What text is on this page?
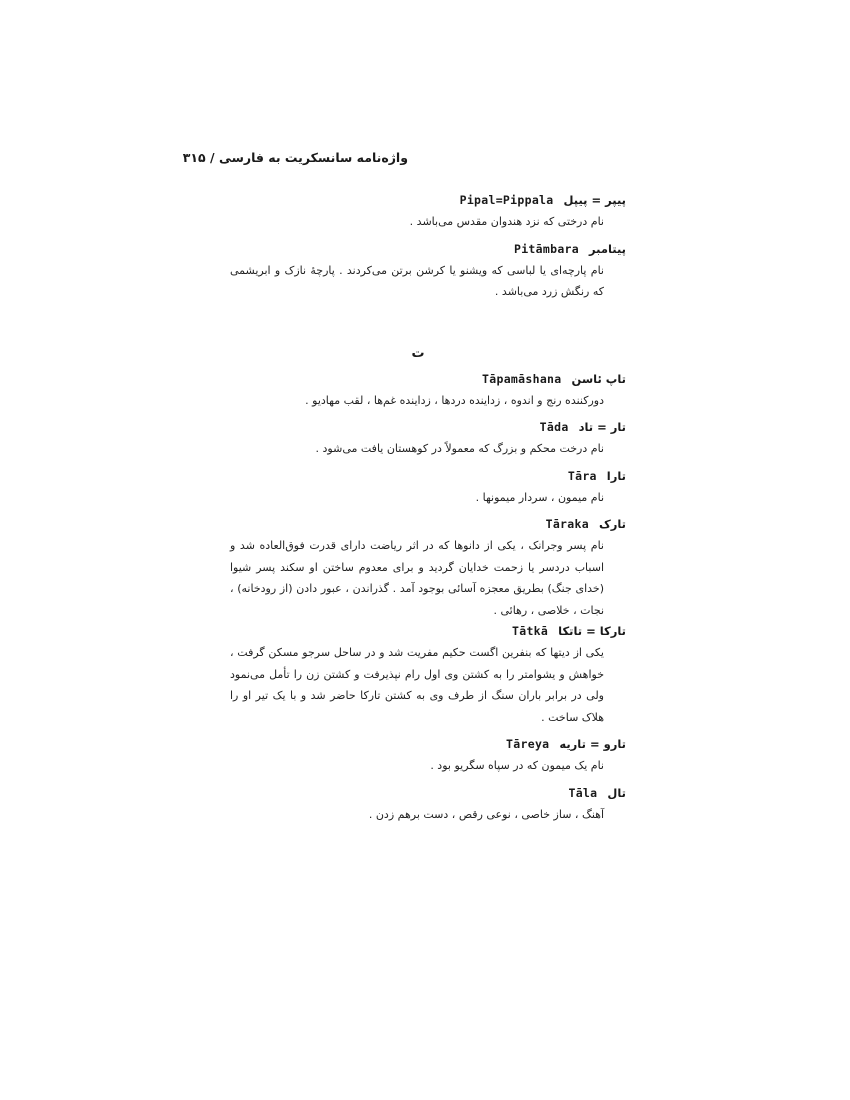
واژه‌نامه سانسکریت به فارسی / ۳۱۵
پیپر = پیپل
Pipal=Pippala
نام درختی که نزد هندوان مقدس می‌باشد .
پیتامبر
Pitāmbara
نام پارچه‌ای یا لباسی که ویشنو یا کرشن برتن می‌کردند . پارچهٔ نازک و ابریشمی که رنگش زرد می‌باشد .
ت
تاپ ئاسن
Tāpamāshana
دورکننده رنج و اندوه ، زداینده دردها ، زداینده غم‌ها ، لقب مهادیو .
تار = تاد
Tāda
نام درخت محکم و بزرگ که معمولاً در کوهستان یافت می‌شود .
تارا
Tāra
نام میمون ، سردار میمونها .
تارک
Tāraka
نام پسر وجرانک ، یکی از دانوها که در اثر ریاضت دارای قدرت فوق‌العاده شد و اسباب دردسر یا زحمت خدایان گردید و برای معدوم ساختن او سکند پسر شیوا (خدای جنگ) بطریق معجزه آسائی بوجود آمد . گذراندن ، عبور دادن (از رودخانه) ، نجات ، خلاصی ، رهائی .
تارکا = تاتکا
Tātkā
یکی از دیتها که بنفرین اگست حکیم مفریت شد و در ساحل سرجو مسکن گرفت ، خواهش و یشوامتر را به کشتن وی اول رام نپذیرفت و کشتن زن را تأمل می‌نمود ولی در برابر باران سنگ از طرف وی به کشتن تارکا حاضر شد و با یک تیر او را هلاک ساخت .
تارو = تاریه
Tāreya
نام یک میمون که در سپاه سگریو بود .
تال
Tāla
آهنگ ، ساز خاصی ، نوعی رقص ، دست برهم زدن .
